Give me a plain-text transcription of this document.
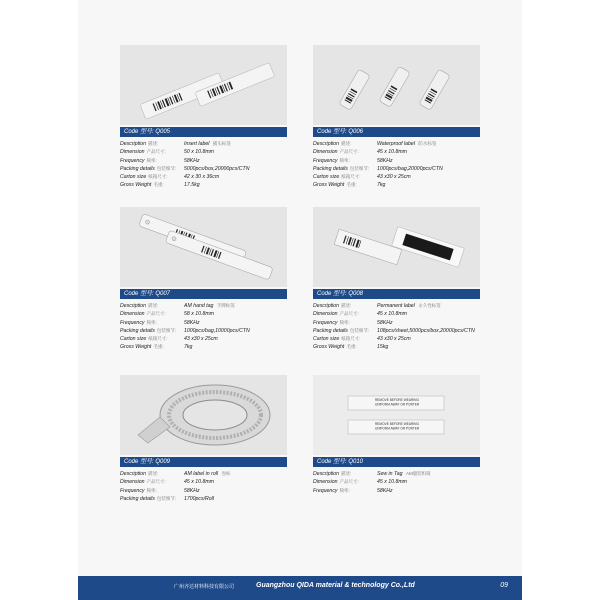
Code 型号: Q005
Description 描述:	Insert label 插头标签
Dimension 产品尺寸:	50 x 10.8mm
Frequency 频率:	58KHz
Packing details 包装细节: 5000pcs/box,20000pcs/CTN
Carton size 纸箱尺寸:	42 x 30 x 36cm
Gross Weight 毛重:	17.5kg
Code 型号: Q006
Description 描述:	Waterproof label 防水标签
Dimension 产品尺寸:	45 x 10.8mm
Frequency 频率:	58KHz
Packing details 包装细节: 1000pcs/bag,20000pcs/CTN
Carton size 纸箱尺寸:	43 x30 x 25cm
Gross Weight 毛重:	7kg
Code 型号: Q007
Description 描述:	AM hand tag 手牌标签
Dimension 产品尺寸:	58 x 10.8mm
Frequency 频率:	58KHz
Packing details 包装细节: 1000pcs/bag,10000pcs/CTN
Carton size 纸箱尺寸:	43 x30 x 25cm
Gross Weight 毛重:	7kg
Code 型号: Q008
Description 描述:	Permanent label 永久性标签
Dimension 产品尺寸:	45 x 10.8mm
Frequency 频率:	58KHz
Packing details 包装细节: 108pcs/sheet,5000pcs/box,20000pcs/CTN
Carton size 纸箱尺寸:	43 x30 x 25cm
Gross Weight 毛重:	15kg
Code 型号: Q009
Description 描述:	AM label in roll 卷标
Dimension 产品尺寸:	45 x 10.8mm
Frequency 频率:	58KHz
Packing details 包装细节: 1700pcs/Roll
REMOVE BEFORE WEARING
UNIFORM AWAY OR PORTER
REMOVE BEFORE WEARING
UNIFORM AWAY OR PORTER
Code 型号: Q010
Description 描述:	Sew in Tag AM服装织唛
Dimension 产品尺寸:	45 x 10.8mm
Frequency 频率:	58KHz
广州齐达材料科技有限公司	Guangzhou QIDA material & technology Co.,Ltd	09
